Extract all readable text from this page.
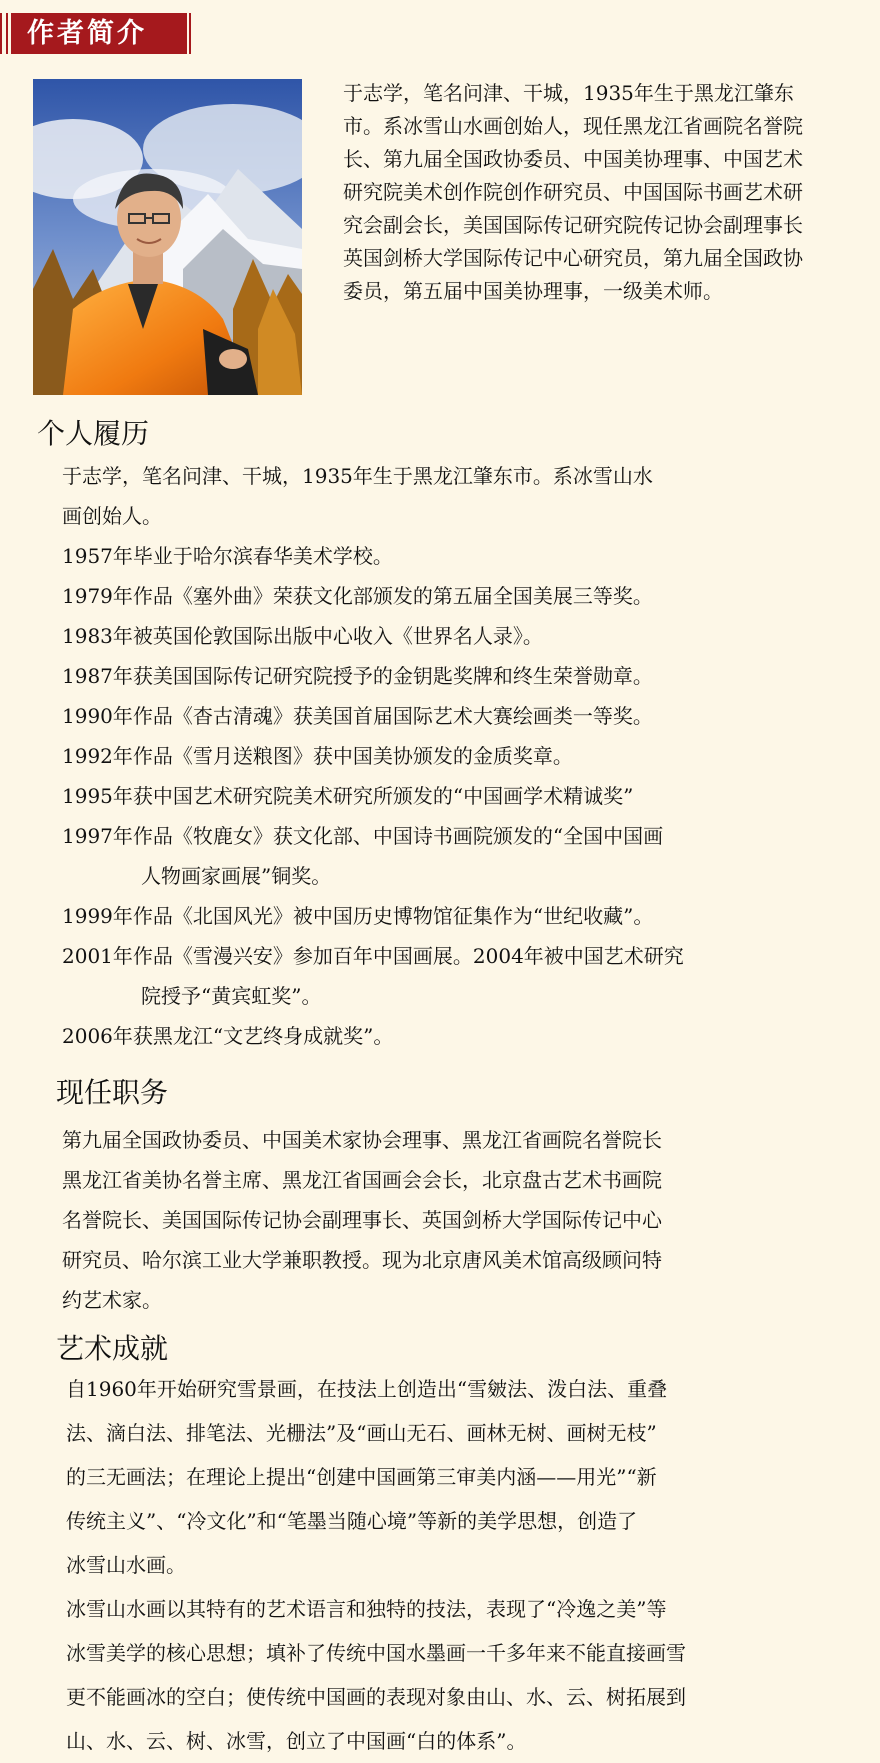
作者简介

于志学，笔名问津、干城，1935年生于黑龙江肇东市。系冰雪山水画创始人，现任黑龙江省画院名誉院长、第九届全国政协委员、中国美协理事、中国艺术研究院美术创作院创作研究员、中国国际书画艺术研究会副会长，美国国际传记研究院传记协会副理事长英国剑桥大学国际传记中心研究员，第九届全国政协委员，第五届中国美协理事，一级美术师。

个人履历
于志学，笔名问津、干城，1935年生于黑龙江肇东市。系冰雪山水
画创始人。
1957年毕业于哈尔滨春华美术学校。
1979年作品《塞外曲》荣获文化部颁发的第五届全国美展三等奖。
1983年被英国伦敦国际出版中心收入《世界名人录》。
1987年获美国国际传记研究院授予的金钥匙奖牌和终生荣誉勋章。
1990年作品《杳古清魂》获美国首届国际艺术大赛绘画类一等奖。
1992年作品《雪月送粮图》获中国美协颁发的金质奖章。
1995年获中国艺术研究院美术研究所颁发的“中国画学术精诚奖”
1997年作品《牧鹿女》获文化部、中国诗书画院颁发的“全国中国画
人物画家画展”铜奖。
1999年作品《北国风光》被中国历史博物馆征集作为“世纪收藏”。
2001年作品《雪漫兴安》参加百年中国画展。2004年被中国艺术研究
院授予“黄宾虹奖”。
2006年获黑龙江“文艺终身成就奖”。
现任职务
第九届全国政协委员、中国美术家协会理事、黑龙江省画院名誉院长
黑龙江省美协名誉主席、黑龙江省国画会会长，北京盘古艺术书画院
名誉院长、美国国际传记协会副理事长、英国剑桥大学国际传记中心
研究员、哈尔滨工业大学兼职教授。现为北京唐风美术馆高级顾问特
约艺术家。
艺术成就
自1960年开始研究雪景画，在技法上创造出“雪皴法、泼白法、重叠
法、滴白法、排笔法、光栅法”及“画山无石、画林无树、画树无枝”
的三无画法；在理论上提出“创建中国画第三审美内涵——用光”“新
传统主义”、“冷文化”和“笔墨当随心境”等新的美学思想，创造了
冰雪山水画。
冰雪山水画以其特有的艺术语言和独特的技法，表现了“冷逸之美”等
冰雪美学的核心思想；填补了传统中国水墨画一千多年来不能直接画雪
更不能画冰的空白；使传统中国画的表现对象由山、水、云、树拓展到
山、水、云、树、冰雪，创立了中国画“白的体系”。
